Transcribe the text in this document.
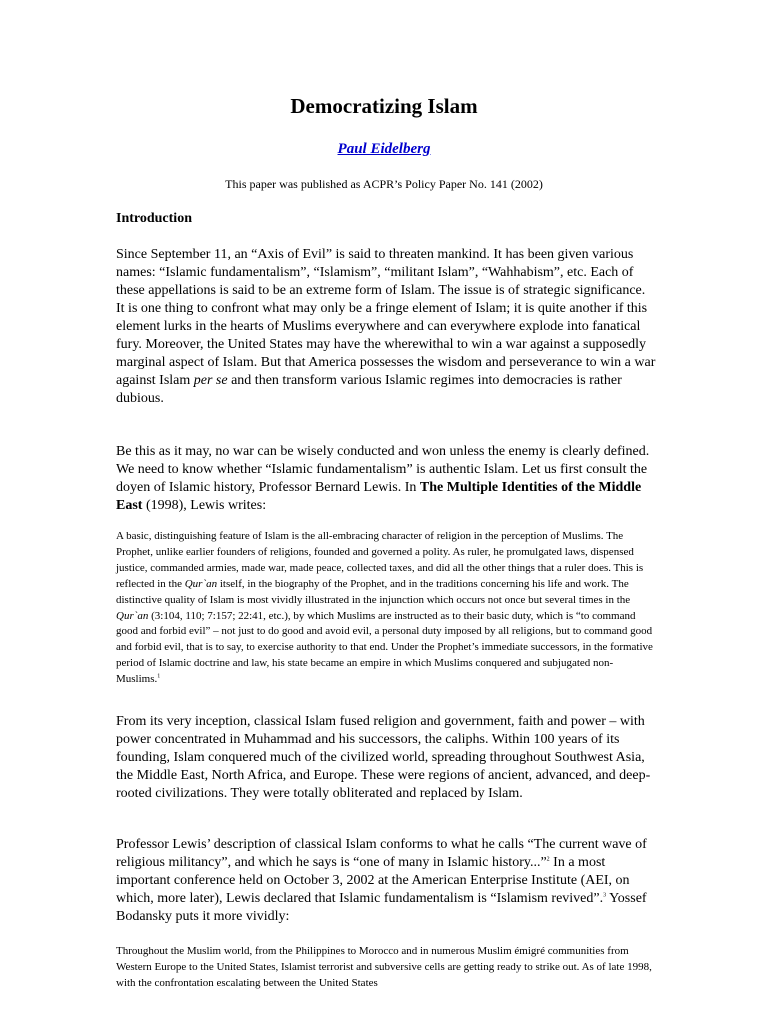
Democratizing Islam
Paul Eidelberg
This paper was published as ACPR’s Policy Paper No. 141 (2002)
Introduction

Since September 11, an “Axis of Evil” is said to threaten mankind. It has been given various names: “Islamic fundamentalism”, “Islamism”, “militant Islam”, “Wahhabism”, etc. Each of these appellations is said to be an extreme form of Islam. The issue is of strategic significance. It is one thing to confront what may only be a fringe element of Islam; it is quite another if this element lurks in the hearts of Muslims everywhere and can everywhere explode into fanatical fury. Moreover, the United States may have the wherewithal to win a war against a supposedly marginal aspect of Islam. But that America possesses the wisdom and perseverance to win a war against Islam per se and then transform various Islamic regimes into democracies is rather dubious.

Be this as it may, no war can be wisely conducted and won unless the enemy is clearly defined. We need to know whether “Islamic fundamentalism” is authentic Islam. Let us first consult the doyen of Islamic history, Professor Bernard Lewis. In The Multiple Identities of the Middle East (1998), Lewis writes:

A basic, distinguishing feature of Islam is the all-embracing character of religion in the perception of Muslims. The Prophet, unlike earlier founders of religions, founded and governed a polity. As ruler, he promulgated laws, dispensed justice, commanded armies, made war, made peace, collected taxes, and did all the other things that a ruler does. This is reflected in the Qur`an itself, in the biography of the Prophet, and in the traditions concerning his life and work. The distinctive quality of Islam is most vividly illustrated in the injunction which occurs not once but several times in the Qur`an (3:104, 110; 7:157; 22:41, etc.), by which Muslims are instructed as to their basic duty, which is “to command good and forbid evil” – not just to do good and avoid evil, a personal duty imposed by all religions, but to command good and forbid evil, that is to say, to exercise authority to that end. Under the Prophet’s immediate successors, in the formative period of Islamic doctrine and law, his state became an empire in which Muslims conquered and subjugated non-Muslims.$^1$

From its very inception, classical Islam fused religion and government, faith and power – with power concentrated in Muhammad and his successors, the caliphs. Within 100 years of its founding, Islam conquered much of the civilized world, spreading throughout Southwest Asia, the Middle East, North Africa, and Europe. These were regions of ancient, advanced, and deep-rooted civilizations. They were totally obliterated and replaced by Islam.

Professor Lewis’ description of classical Islam conforms to what he calls “The current wave of religious militancy”, and which he says is “one of many in Islamic history...”$^2$ In a most important conference held on October 3, 2002 at the American Enterprise Institute (AEI, on which, more later), Lewis declared that Islamic fundamentalism is “Islamism revived”.$^3$ Yossef Bodansky puts it more vividly:

Throughout the Muslim world, from the Philippines to Morocco and in numerous Muslim émigré communities from Western Europe to the United States, Islamist terrorist and subversive cells are getting ready to strike out. As of late 1998, with the confrontation escalating between the United States
